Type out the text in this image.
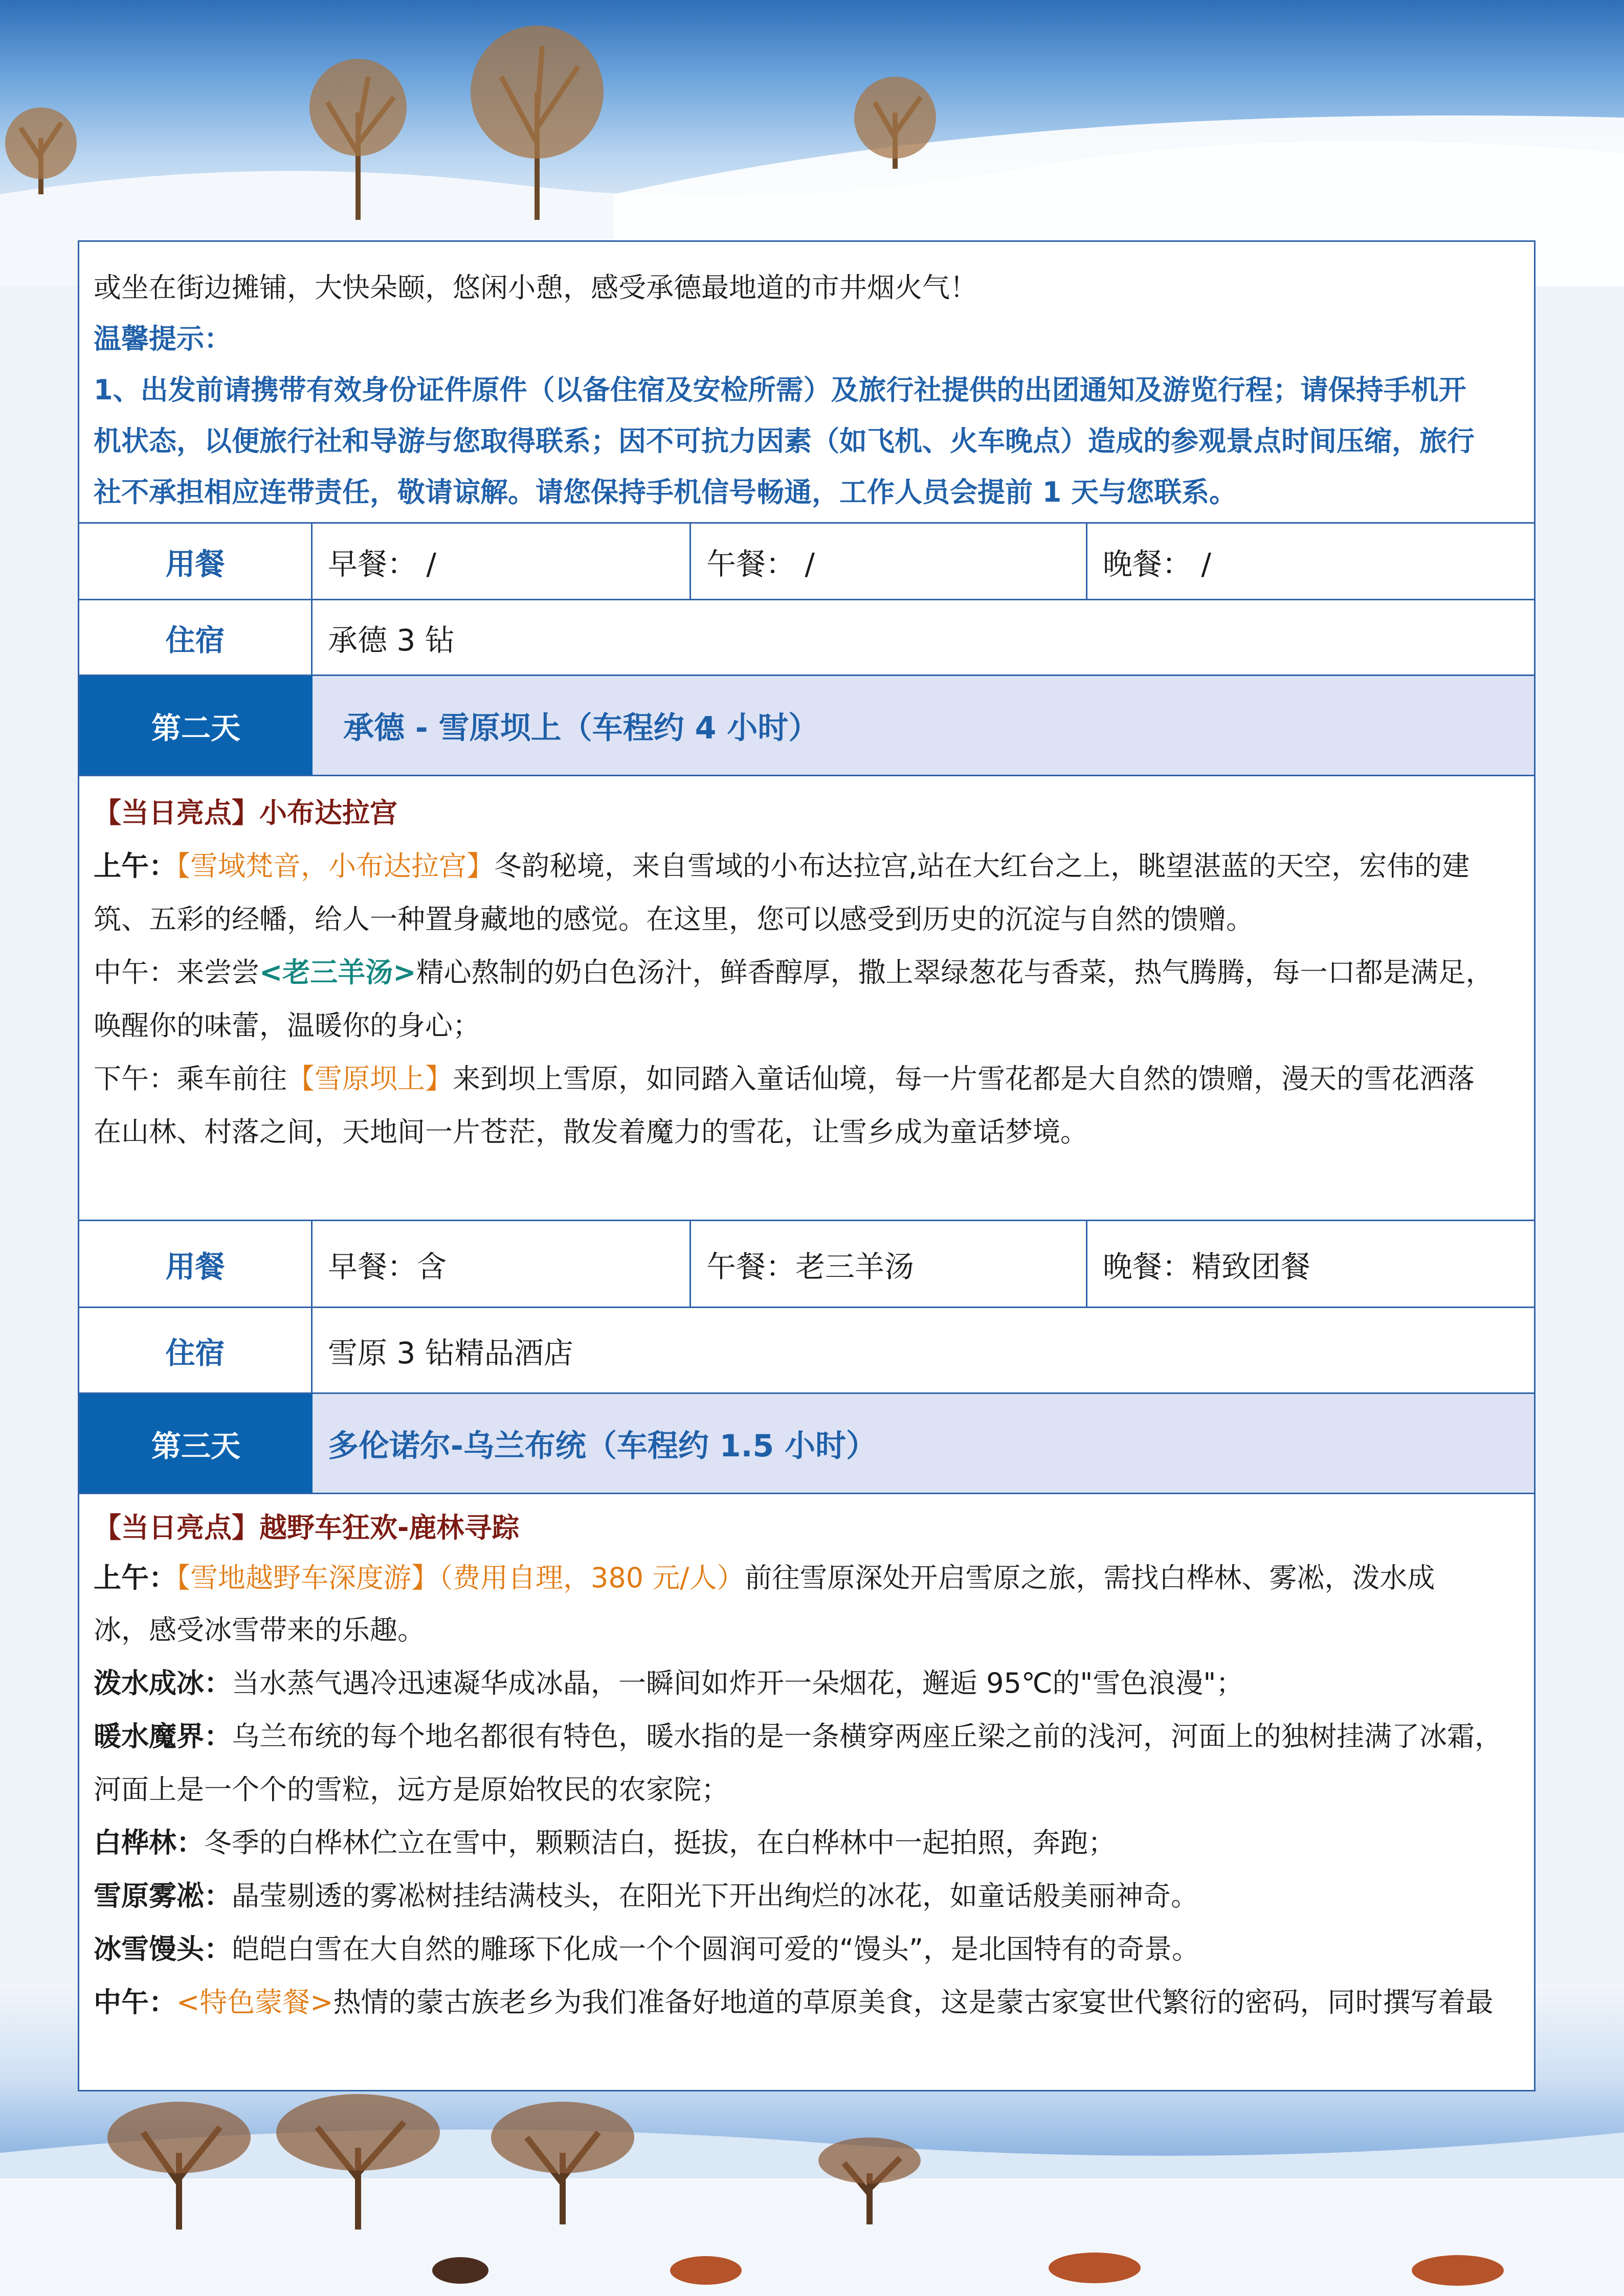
或坐在街边摊铺，大快朵颐，悠闲小憩，感受承德最地道的市井烟火气！

温馨提示：

1、出发前请携带有效身份证件原件（以备住宿及安检所需）及旅行社提供的出团通知及游览行程；请保持手机开

机状态，以便旅行社和导游与您取得联系；因不可抗力因素（如飞机、火车晚点）造成的参观景点时间压缩，旅行

社不承担相应连带责任，敬请谅解。请您保持手机信号畅通，工作人员会提前 1 天与您联系。

用餐	早餐： /	午餐： /	晚餐： /
住宿	承德 3 钻
第二天	承德 - 雪原坝上（车程约 4 小时）

【当日亮点】小布达拉宫

上午：【雪域梵音，小布达拉宫】冬韵秘境，来自雪域的小布达拉宫,站在大红台之上，眺望湛蓝的天空，宏伟的建

筑、五彩的经幡，给人一种置身藏地的感觉。在这里，您可以感受到历史的沉淀与自然的馈赠。

中午：来尝尝<老三羊汤>精心熬制的奶白色汤汁，鲜香醇厚，撒上翠绿葱花与香菜，热气腾腾，每一口都是满足，

唤醒你的味蕾，温暖你的身心；

下午：乘车前往【雪原坝上】来到坝上雪原，如同踏入童话仙境，每一片雪花都是大自然的馈赠，漫天的雪花洒落

在山林、村落之间，天地间一片苍茫，散发着魔力的雪花，让雪乡成为童话梦境。

用餐	早餐：含	午餐：老三羊汤	晚餐：精致团餐
住宿	雪原 3 钻精品酒店
第三天	多伦诺尔-乌兰布统（车程约 1.5 小时）

【当日亮点】越野车狂欢-鹿林寻踪

上午：【雪地越野车深度游】（费用自理，380 元/人）前往雪原深处开启雪原之旅，需找白桦林、雾凇，泼水成

冰，感受冰雪带来的乐趣。

泼水成冰：当水蒸气遇冷迅速凝华成冰晶，一瞬间如炸开一朵烟花，邂逅 95℃的"雪色浪漫"；

暖水魔界：乌兰布统的每个地名都很有特色，暖水指的是一条横穿两座丘梁之前的浅河，河面上的独树挂满了冰霜，

河面上是一个个的雪粒，远方是原始牧民的农家院；

白桦林：冬季的白桦林伫立在雪中，颗颗洁白，挺拔，在白桦林中一起拍照，奔跑；

雪原雾凇：晶莹剔透的雾凇树挂结满枝头，在阳光下开出绚烂的冰花，如童话般美丽神奇。

冰雪馒头：皑皑白雪在大自然的雕琢下化成一个个圆润可爱的“馒头”，是北国特有的奇景。

中午：<特色蒙餐>热情的蒙古族老乡为我们准备好地道的草原美食，这是蒙古家宴世代繁衍的密码，同时撰写着最
